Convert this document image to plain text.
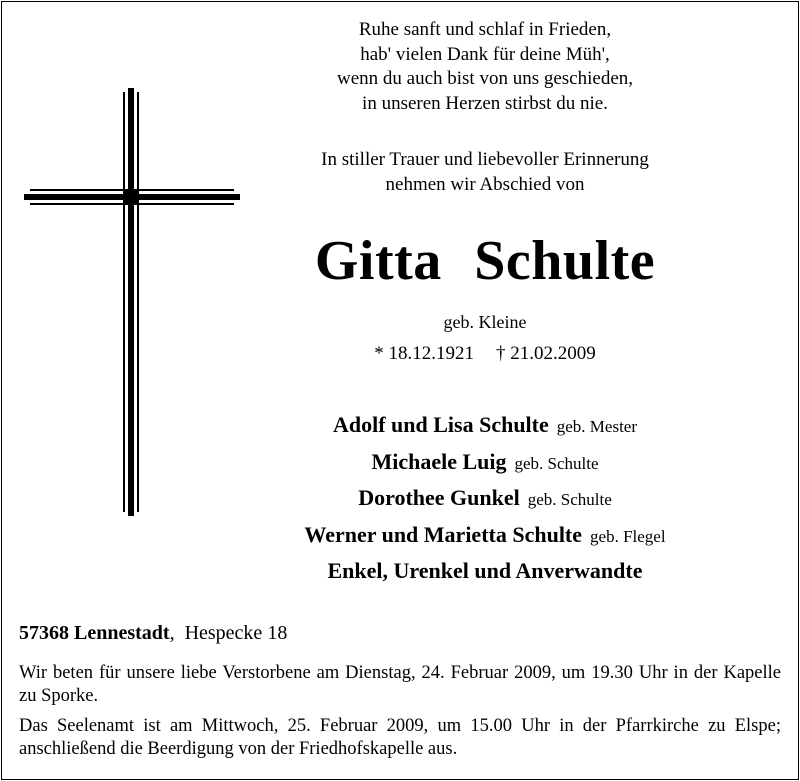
Ruhe sanft und schlaf in Frieden,
hab' vielen Dank für deine Müh',
wenn du auch bist von uns geschieden,
in unseren Herzen stirbst du nie.
In stiller Trauer und liebevoller Erinnerung
nehmen wir Abschied von
Gitta Schulte
geb. Kleine
* 18.12.1921 † 21.02.2009
Adolf und Lisa Schulte geb. Mester
Michaele Luig geb. Schulte
Dorothee Gunkel geb. Schulte
Werner und Marietta Schulte geb. Flegel
Enkel, Urenkel und Anverwandte
57368 Lennestadt, Hespecke 18
Wir beten für unsere liebe Verstorbene am Dienstag, 24. Februar 2009, um 19.30 Uhr in der Kapelle zu Sporke.
Das Seelenamt ist am Mittwoch, 25. Februar 2009, um 15.00 Uhr in der Pfarrkirche zu Elspe; anschließend die Beerdigung von der Friedhofskapelle aus.
